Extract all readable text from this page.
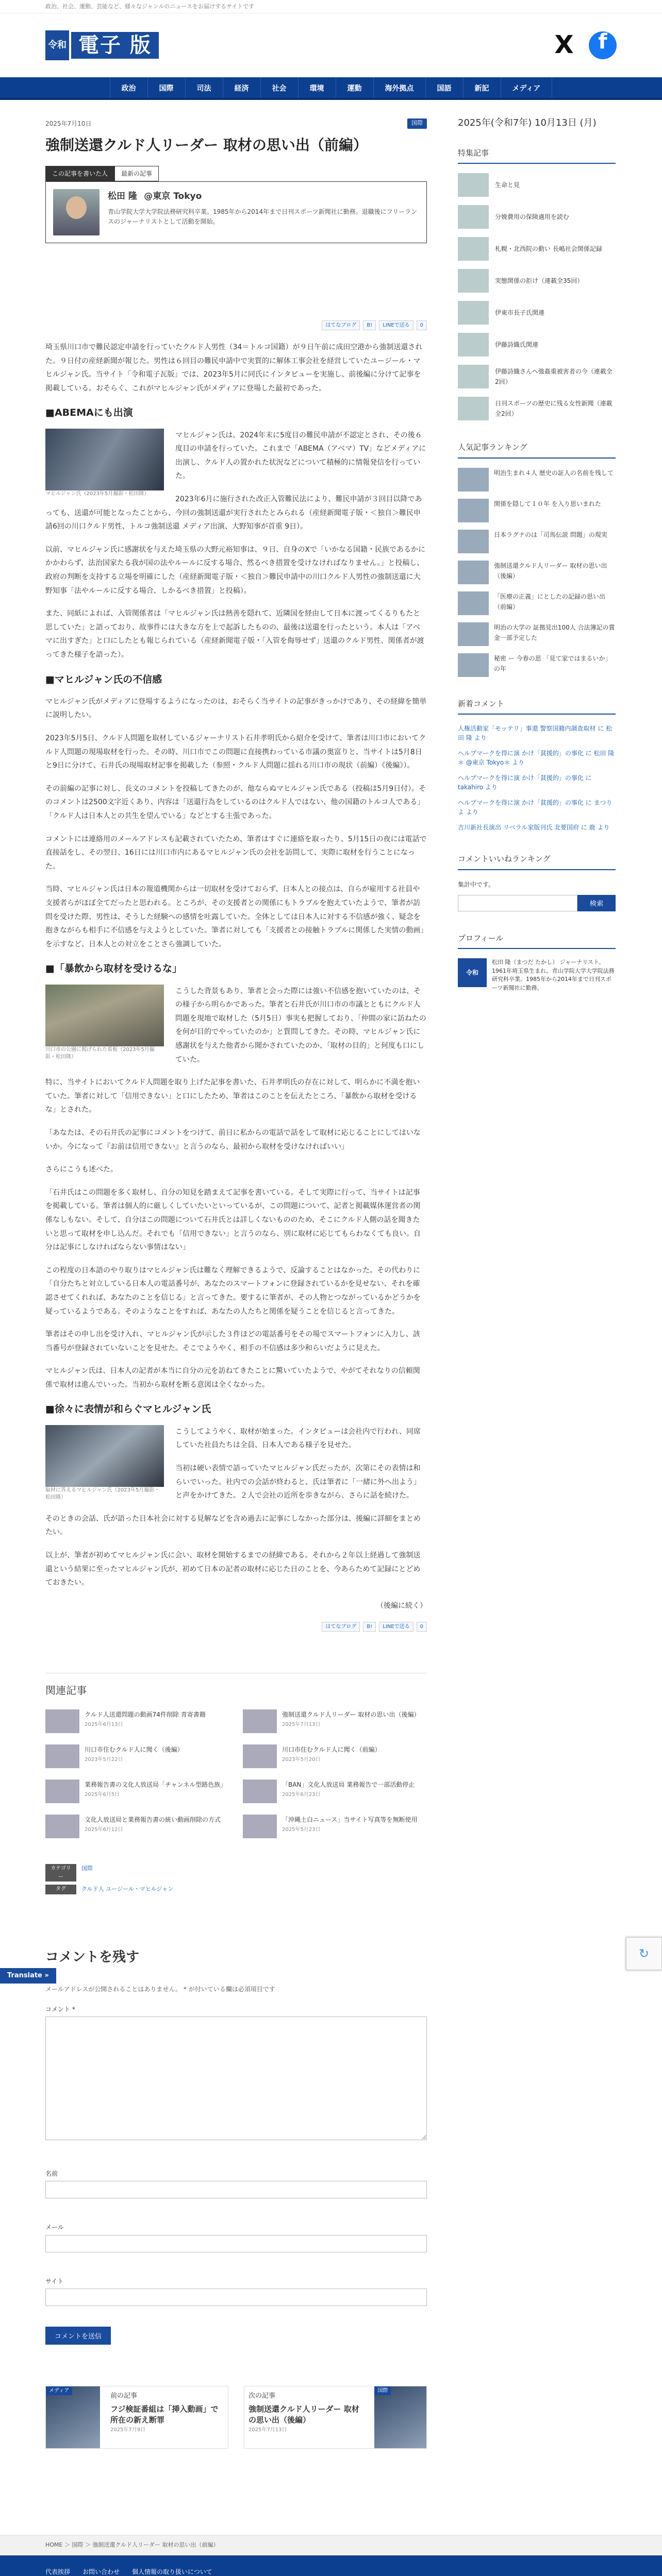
政治、社会、運動、芸能など、様々なジャンルのニュースをお届けするサイトです
令和 電子 版	X	f
政治	国際	司法	経済	社会	環境	運動	海外拠点	国語	新記	メディア
2025年7月10日	国際
強制送還クルド人リーダー 取材の思い出（前編）
この記事を書いた人	最新の記事
松田 隆 @東京 Tokyo
青山学院大学大学院法務研究科卒業。1985年から2014年まで日刊スポーツ新聞社に勤務。退職後にフリーランスのジャーナリストとして活動を開始。
はてなブログ	B!	LINEで送る	0

埼玉県川口市で難民認定申請を行っていたクルド人男性（34＝トルコ国籍）が９日午前に成田空港から強制送還された。９日付の産経新聞が報じた。男性は６回目の難民申請中で実質的に解体工事会社を経営していたユージール・マヒルジャン氏。当サイト「令和電子瓦版」では、2023年5月に同氏にインタビューを実施し、前後編に分けて記事を掲載している。おそらく、これがマヒルジャン氏がメディアに登場した最初であった。

■ABEMAにも出演
マヒルジャン氏（2023年5月撮影・松田隆）

マヒルジャン氏は、2024年末に5度目の難民申請が不認定とされ、その後６度目の申請を行っていた。これまで「ABEMA（アベマ）TV」などメディアに出演し、クルド人の置かれた状況などについて積極的に情報発信を行っていた。

2023年6月に施行された改正入管難民法により、難民申請が３回目以降であっても、送還が可能となったことから、今回の強制送還が実行されたとみられる（産経新聞電子版・＜独自＞難民申請6回の川口クルド男性、トルコ強制送還 メディア出演、大野知事が首重 9日）。

以前、マヒルジャン氏に感謝状を与えた埼玉県の大野元裕知事は、９日、自身のXで「いかなる国籍・民族であるかにかかわらず、法治国家たる我が国の法やルールに反する場合、然るべき措置を受けなければなりません。」と投稿し、政府の判断を支持する立場を明確にした（産経新聞電子版・＜独自＞難民申請中の川口クルド人男性の強制送還に大野知事「法やルールに反する場合、しかるべき措置」と投稿）。

また、同紙によれば、入管関係者は「マヒルジャン氏は熱善を隠れて、近隣国を経由して日本に渡ってくるりもたと思していた」と語っており、故事件には大きな方を上で起訴したものの、最後は送還を行ったという。本人は「アベマに出すぎた」と口にしたとも報じられている（産経新聞電子版・「入管を侮辱せず」送還のクルド男性、関係者が渡ってきた様子を語った）。

■マヒルジャン氏の不信感

マヒルジャン氏がメディアに登場するようになったのは、おそらく当サイトの記事がきっかけであり、その経緯を簡単に説明したい。

2023年5月5日、クルド人問題を取材しているジャーナリスト石井孝明氏から紹介を受けて、筆者は川口市においてクルド人問題の現場取材を行った。その時、川口市でこの問題に直接携わっている市議の奥富りと、当サイトは5月8日と9日に分けて、石井氏の現場取材記事を掲載した（参照・クルド人問題に揺れる川口市の現状（前編）《後編》）。

その前編の記事に対し、長文のコメントを投稿してきたのが、他ならぬマヒルジャン氏である（投稿は5月9日付）。そのコメントは2500文字近くあり、内容は「送還行為をしているのはクルド人ではない、他の国籍のトルコ人である」「クルド人は日本人との共生を望んでいる」などとする主張であった。

コメントには連絡用のメールアドレスも記載されていたため、筆者はすぐに連絡を取ったり、5月15日の夜には電話で直接話をし、その翌日、16日には川口市内にあるマヒルジャン氏の会社を訪問して、実際に取材を行うことになった。

当時、マヒルジャン氏は日本の報道機関からは一切取材を受けておらず、日本人との接点は、自らが雇用する社員や支援者らがほぼ全てだったと思われる。ところが、その支援者との関係にもトラブルを抱えていたようで、筆者が訪問を受けた際、男性は、そうした経験への感情を吐露していた。全体としては日本人に対する不信感が強く、疑念を抱きながらも相手に不信感を与えようとしていた。筆者に対しても「支援者との接触トラブルに関係した実情の動画」を示すなど、日本人との対立をことさら強調していた。

■「暴飲から取材を受けるな」
川口市の公園に掲げられた看板（2023年5月撮影・松田隆）

こうした背景もあり、筆者と会った際には強い不信感を抱いていたのは、その様子から明らかであった。筆者と石井氏が川口市の市議とともにクルド人問題を現地で取材した（5月5日）事実も把握しており、「仲間の家に訪ねたのを何が目的でやっていたのか」と質問してきた。その時、マヒルジャン氏に感謝状を与えた他者から聞かされていたのか、「取材の目的」と何度も口にしていた。

特に、当サイトにおいてクルド人問題を取り上げた記事を書いた、石井孝明氏の存在に対して、明らかに不満を抱いていた。筆者に対して「信用できない」と口にしたため、筆者はこのことを伝えたところ、「暴飲から取材を受けるな」とされた。

「あなたは、その石井氏の記事にコメントをつけて、前日に私からの電話で話をして取材に応じることにしてはいないか。今になって『お前は信用できない』と言うのなら、最初から取材を受けなければいい」

さらにこうも述べた。

「石井氏はこの問題を多く取材し、自分の知見を踏まえて記事を書いている。そして実際に行って、当サイトは記事を掲載している。筆者は個人的に厳しくしていたいといっているが、この問題について、記者と掲載媒体運営者の関係なしもない。そして、自分はこの問題について石井氏とは詳しくないもののため、そこにクルド人側の話を聞きたいと思って取材を申し込んだ。それでも「信用できない」と言うのなら、別に取材に応じてもらわなくても良い。自分は記事にしなければならない事情はない」

この程度の日本語のやり取りはマヒルジャン氏は難なく理解できるようで、反論することはなかった。その代わりに「自分たちと対立している日本人の電話番号が、あなたのスマートフォンに登録されているかを見せない、それを確認させてくれれば、あなたのことを信じる」と言ってきた。要するに筆者が、その人物とつながっているかどうかを疑っているようである。そのようなことをすれば、あなたの人たちと関係を疑うことを信じると言ってきた。

筆者はその申し出を受け入れ、マヒルジャン氏が示した３件ほどの電話番号をその場でスマートフォンに入力し、該当番号が登録されていないことを見せた。そこでようやく、相手の不信感は多少和らいだように見えた。

マヒルジャン氏は、日本人の記者が本当に自分の元を訪ねてきたことに驚いていたようで、やがてそれなりの信頼関係で取材は進んでいった。当初から取材を断る意図は全くなかった。

■徐々に表情が和らぐマヒルジャン氏
取材に答えるマヒルジャン氏（2023年5月撮影・松田隆）

こうしてようやく、取材が始まった。インタビューは会社内で行われ、同席していた社員たちは全員、日本人である様子を見せた。

当初は硬い表情で語っていたマヒルジャン氏だったが、次第にその表情は和らいでいった。社内での会話が終わると、氏は筆者に「一緒に外へ出よう」と声をかけてきた。２人で会社の近所を歩きながら、さらに話を続けた。

そのときの会話、氏が語った日本社会に対する見解などを含め過去に記事にしなかった部分は、後編に詳細をまとめたい。

以上が、筆者が初めてマヒルジャン氏に会い、取材を開始するまでの経緯である。それから２年以上経過して強制送還という結果に至ったマヒルジャン氏が、初めて日本の記者の取材に応じた日のことを、今あらためて記録にとどめておきたい。

（後編に続く）

はてなブログ	B!	LINEで送る	0
関連記事
クルド人送還問題の動画74件削除 青寄書籍
2025年6月13日
強制送還クルド人リーダー 取材の思い出（後編）
2025年7月13日
川口市住むクルド人に聞く（後編）
2023年5月22日
川口市住むクルド人に聞く（前編）
2023年5月20日
業務報告書の文化人放送局「チャンネル型路色族」
2025年6月5日
「BAN」文化人放送局 業務報告で一部活動停止
2025年6月23日
文化人放送局と業務報告書の統い動画削除の方式
2025年6月12日
「沖縄土白ニュース」当サイト写真等を無断使用
2025年5月23日
カテゴリー
国際
タグ	クルド人 ユージール・マヒルジャン
コメントを残す
メールアドレスが公開されることはありません。 * が付いている欄は必須項目です
コメント *
名前
メール
サイト
コメントを送信
メディア
前の記事
フジ検証番組は「挿入動画」で所在の新え断罪
2025年7月9日
次の記事
強制送還クルド人リーダー 取材の思い出（後編）
2025年7月13日
国際
2025年(令和7年) 10月13日 (月)
特集記事
生命と見
分娩費用の保険適用を読む
札幌・北西院の動い 長嶋社会関係記録
実態関係の拒け（連載全35回）
伊東市長子氏関連
伊藤詩織氏関連
伊藤詩織さんへ強姦重被害者の今（連載全2回）
日刊スポーツの歴史に残る女性新聞（連載全2回）
人気記事ランキング
明治生まれ４人 歴史の証人の名前を残して
関係を隠して１０年 を入り思いまれた
日本ラグナのは「司馬伝説 問題」の現実
強制送還クルド人リーダー 取材の思い出（後編）
「医療の正義」にとしたの記録の思い出（前編）
明治の大学の 証拠見出100人 合法簿記の賞金一部予定した
秘密 ー 今春の思 「見て家ではまるいか」の年
新着コメント
人権活動家「モッテリ」事還 警察国籍内調査取材 に 松田 隆 より
ヘルプマークを得に演 かけ「貧援的」の事化 に 松田 隆 ＊ @東京 Tokyo＊ より
ヘルプマークを得に演 かけ「貧援的」の事化 に takahiro より
ヘルプマークを得に演 かけ「貧援的」の事化 に まつりよ より
吉川新社長演出 リベラル家版刊氏 北要国府 に 鹿 より
コメントいいねランキング
集計中です。
検索
プロフィール
令和
松田 隆（まつだ たかし） ジャーナリスト。1961年埼玉県生まれ。青山学院大学大学院法務研究科卒業。1985年から2014年まで日刊スポーツ新聞社に勤務。
Translate »
↻
HOME ＞ 国際 ＞ 強制送還クルド人リーダー 取材の思い出（前編）
代表挨拶 お問い合わせ 個人情報の取り扱いについて
